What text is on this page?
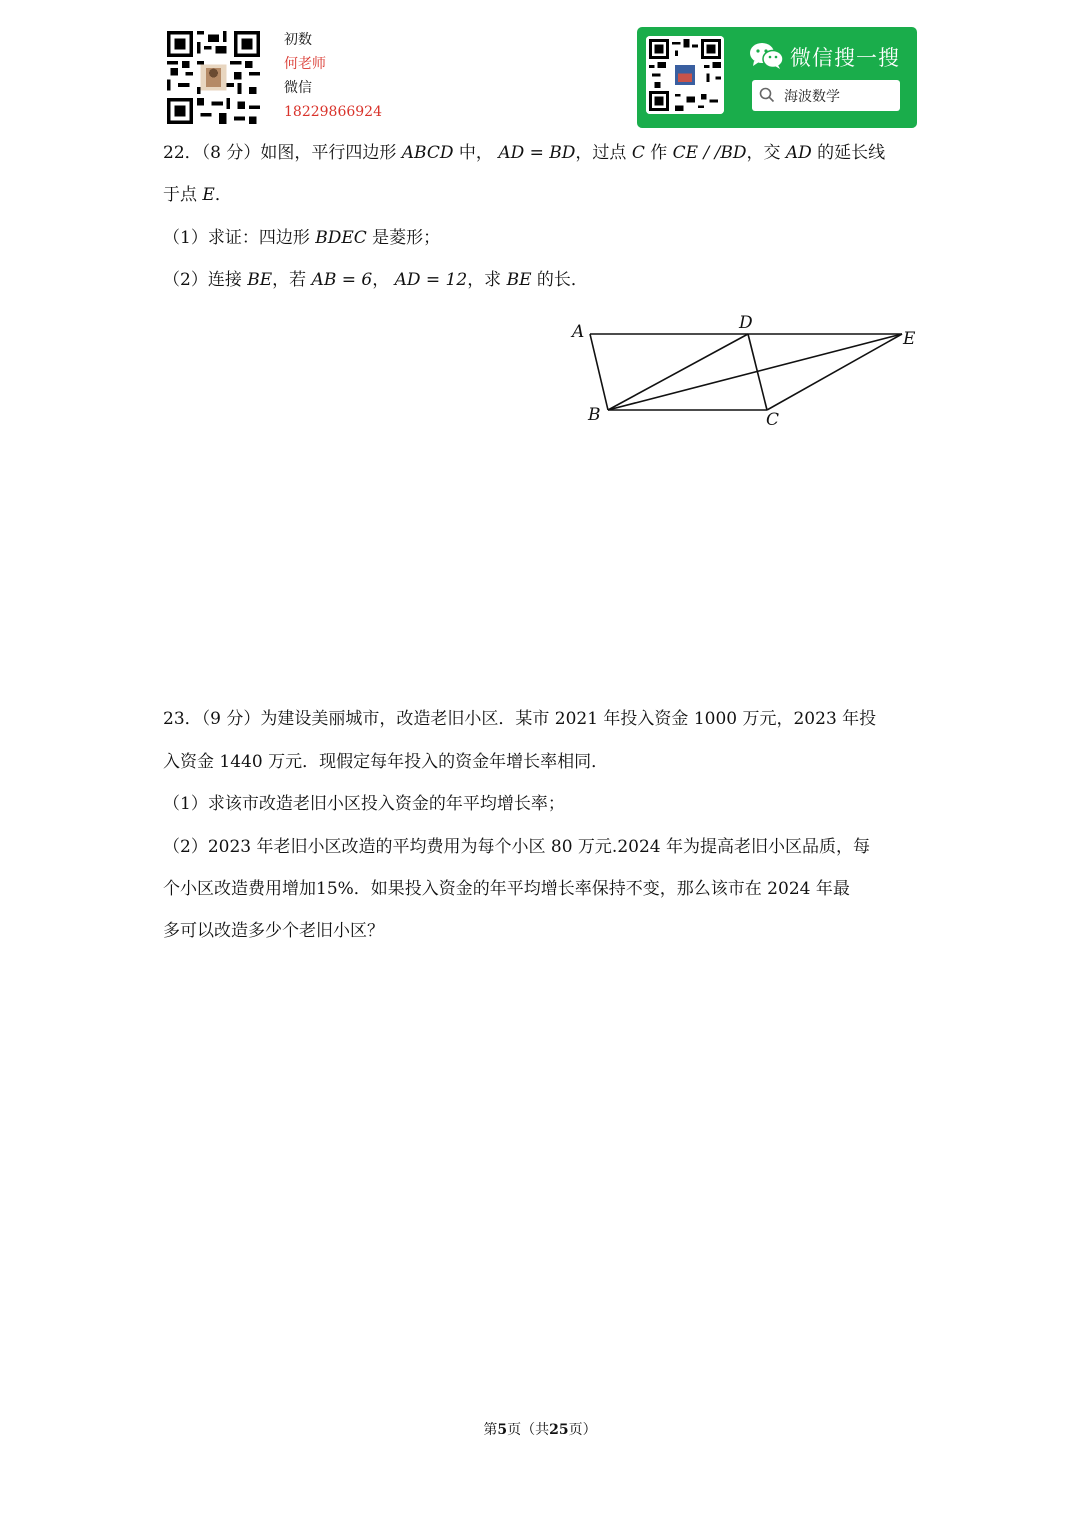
初数
何老师
微信
18229866924
微信搜一搜
海波数学
22．（8 分）如图，平行四边形 ABCD 中， AD = BD，过点 C 作 CE / /BD，交 AD 的延长线
于点 E．
（1）求证：四边形 BDEC 是菱形；
（2）连接 BE，若 AB = 6， AD = 12，求 BE 的长．
A	D
E
B	C
23．（9 分）为建设美丽城市，改造老旧小区．某市 2021 年投入资金 1000 万元，2023 年投
入资金 1440 万元．现假定每年投入的资金年增长率相同．
（1）求该市改造老旧小区投入资金的年平均增长率；
（2）2023 年老旧小区改造的平均费用为每个小区 80 万元.2024 年为提高老旧小区品质，每
个小区改造费用增加15%．如果投入资金的年平均增长率保持不变，那么该市在 2024 年最
多可以改造多少个老旧小区？
第5页（共25页）
